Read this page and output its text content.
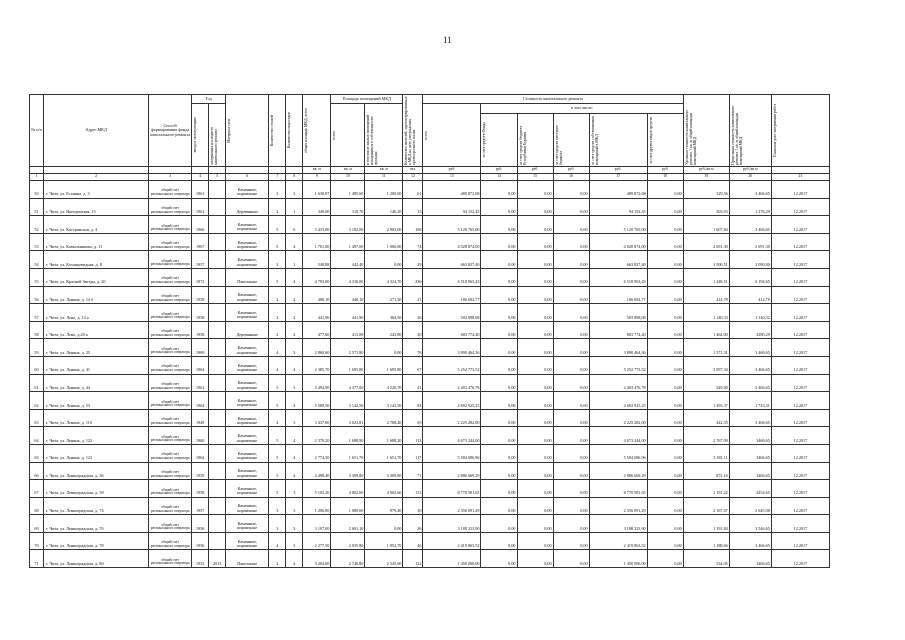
11
№ п/п	Адрес МКД	Способ формирования фонда капитального ремонта	Год		Материал стен	Количество этажей	Количество подъездов	общая площадь МКД, всего	Площадь помещений МКД		Количество жителей, зарегистрированных в МКД на дату утверждения краткосрочного плана	Стоимость капитального ремонта						Удельная стоимость капитального ремонта 1 кв. м общей площади помещений МКД	Предельная стоимость капитального ремонта 1 кв. м общей площади помещений МКД	Плановая дата завершения работ

			ввода в эксплуатацию	завершения последнего капитального ремонта					всего	в том числе жилых помещений находящихся в собственности граждан		всего	в том числе:							

													за счет средств Фонда	за счет средств бюджета Республики Бурятия	за счет средств местного бюджета	за счет средств собственников помещений в МКД	за счет других видов средств			

								кв. м	кв. м	кв. м	чел.	руб.	руб.	руб.	руб.	руб.	руб.	руб./кв.м	руб./кв.м	
1	2	3	4	5	6	7	8	9	10	11	12	13	14	15	16	17	18	19	20	21
50	г. Чита, ул. Есенина, д. 3	общий счет регионального оператора	1961		Каменные, кирпичные	3	3	1 630,87	1 485,60	1 200,00	61	489 872,68	0,00	0,00	0,00	489 872,68	0,00	329,56	3 466,65	12.2017
51	г. Чита, ул. Ингодинская, 13	общий счет регионального оператора	1961		Деревянные	2	1	349,00	310,70	140,20	15	94 152,45	0,00	0,00	0,00	94 152,45	0,00	303,03	1 276,29	12.2017
52	г. Чита, ул. Кастринская, д. 4	общий счет регионального оператора	1966		Каменные, кирпичные	5	6	3 433,00	3 182,00	2 983,00	106	5 120 765,00	0,00	0,00	0,00	5 120 765,00	0,00	1 607,64	3 466,65	12.2017
53	г. Чита, ул. Ковыльникова, д. 11	общий счет регионального оператора	1967		Каменные, кирпичные	5	4	1 701,00	1 497,00	1 006,00	74	4 028 874,00	0,00	0,00	0,00	4 028 874,00	0,00	2 691,30	2 691,30	12.2017
54	г. Чита, ул. Коханцевидная, д. 8	общий счет регионального оператора	1957		Каменные, кирпичные	2	1	548,88	442,40	0,00	29	663 827,40	0,00	0,00	0,00	663 827,40	0,00	1 500,51	2 090,00	12.2017
55	г. Чита, ул. Красной Звезды, д. 20	общий счет регионального оператора	1972		Панельные	5	4	4 793,00	4 316,00	4 324,70	236	6 518 963,43	0,00	0,00	0,00	6 518 963,43	0,00	1 448,51	6 194,65	12.2017
56	г. Чита, ул. Ленина, д. 14 б	общий счет регионального оператора	1958		Каменные, кирпичные	2	2	480,10	440,10	271,50	21	186 692,77	0,00	0,00	0,00	186 692,77	0,00	414,78	412,78	12.2017
57	г. Чита, ул. Лено, д. 14 а	общий счет регионального оператора	1958		Каменные, кирпичные	2	2	441,96	441,90	304,50	26	503 898,08	0,00	0,00	0,00	503 898,08	0,00	1 140,33	1 140,32	12.2017
58	г. Чита, ул. Лено, д.20 а	общий счет регионального оператора	1958		Деревянные	2	2	477,60	413,08	243,80	20	683 774,40	0,00	0,00	0,00	683 774,40	0,00	1 464,00	2280,29	12.2017
59	г. Чита, ул. Ленина, д. 25	общий счет регионального оператора	1969		Каменные, кирпичные	4	3	2 860,60	2 571,80	0,00	76	3 890 464,36	0,00	0,00	0,00	3 890 464,36	0,00	1 571,31	3 466,65	12.2017
60	г. Чита, ул. Ленина, д. 41	общий счет регионального оператора	1964		Каменные, кирпичные	4	4	2 385,70	1 695,80	1 695,80	67	5 252 773,52	0,00	0,00	0,00	5 252 773,52	0,00	3 097,34	3 466,65	12.2017
61	г. Чита, ул. Ленина, д. 44	общий счет регионального оператора	1961		Каменные, кирпичные	5	3	5 494,90	4 377,00	4 220,70	41	2 403 476,78	0,00	0,00	0,00	2 403 476,78	0,00	549,00	3 466,65	12.2017
62	г. Чита, ул. Ленина, д. 53	общий счет регионального оператора	1964		Каменные, кирпичные	5	4	5 589,50	3 142,50	3 142,50	84	4 692 925,25	0,00	0,00	0,00	4 692 925,25	0,00	1 493,37	1 743,31	12.2017
63	г. Чита, ул. Ленина, д. 110	общий счет регионального оператора	1949		Каменные, кирпичные	4	3	3 437,00	3 023,81	2 768,40	65	2 225 282,00	0,00	0,00	0,00	2 225 282,00	0,00	442,35	3 466,65	12.2017
64	г. Чита, ул. Ленина, д. 122	общий счет регионального оператора	1960		Каменные, кирпичные	5	4	2 379,20	1 688,90	1 688,20	113	4 673 244,00	0,00	0,00	0,00	4 673 244,00	0,00	2 767,09	3466,65	12.2017
65	г. Чита, ул. Ленина, д. 123	общий счет регионального оператора	1962		Каменные, кирпичные	5	4	2 774,50	1 651,70	1 651,70	117	5 584 686,96	0,00	0,00	0,00	5 584 686,96	0,00	3 381,11	3466,65	12.2017
66	г. Чита, ул. Ленинградская, д. 36	общий счет регионального оператора	1959		Каменные, кирпичные	5	4	4 498,40	3 309,80	3 309,80	71	2 886 669,29	0,00	0,00	0,00	2 886 669,29	0,00	872,16	3466,65	12.2017
67	г. Чита, ул. Ленинградская, д. 58	общий счет регионального оператора	1958		Каменные, кирпичные	5	3	5 103,20	4 002,60	4 002,60	113	8 770 581,65	0,00	0,00	0,00	8 770 581,65	0,00	2 191,22	4454,65	12.2017
68	г. Чита, ул. Ленинградская, д. 74	общий счет регионального оператора	1957		Каменные, кирпичные	3	3	1 206,80	1 080,00	979,40	30	2 356 091,29	0,00	0,00	0,00	2 356 091,29	0,00	2 167,07	2 645,08	12.2017
69	г. Чита, ул. Ленинградская, д. 76	общий счет регионального оператора	1956		Каменные, кирпичные	3	3	3 107,00	2 601,10	0,00	36	3 188 223,90	0,00	0,00	0,00	3 188 223,90	0,00	1 191,84	3 546,65	12.2017
70	г. Чита, ул. Ленинградская, д. 78	общий счет регионального оператора	1956		Каменные, кирпичные	4	3	2 277,50	2 035,80	1 952,70	46	2 419 863,52	0,00	0,00	0,00	2 419 863,52	0,00	1 188,66	3 466,65	12.2017
71	г. Чита, ул. Ленинградская, д. 80	общий счет регионального оператора	1953	2013	Панельные	2	4	3 204,00	2 740,80	2 545,60	122	1 450 000,00	0,00	0,00	0,00	1 450 000,00	0,00	534,05	3466,65	12.2017
